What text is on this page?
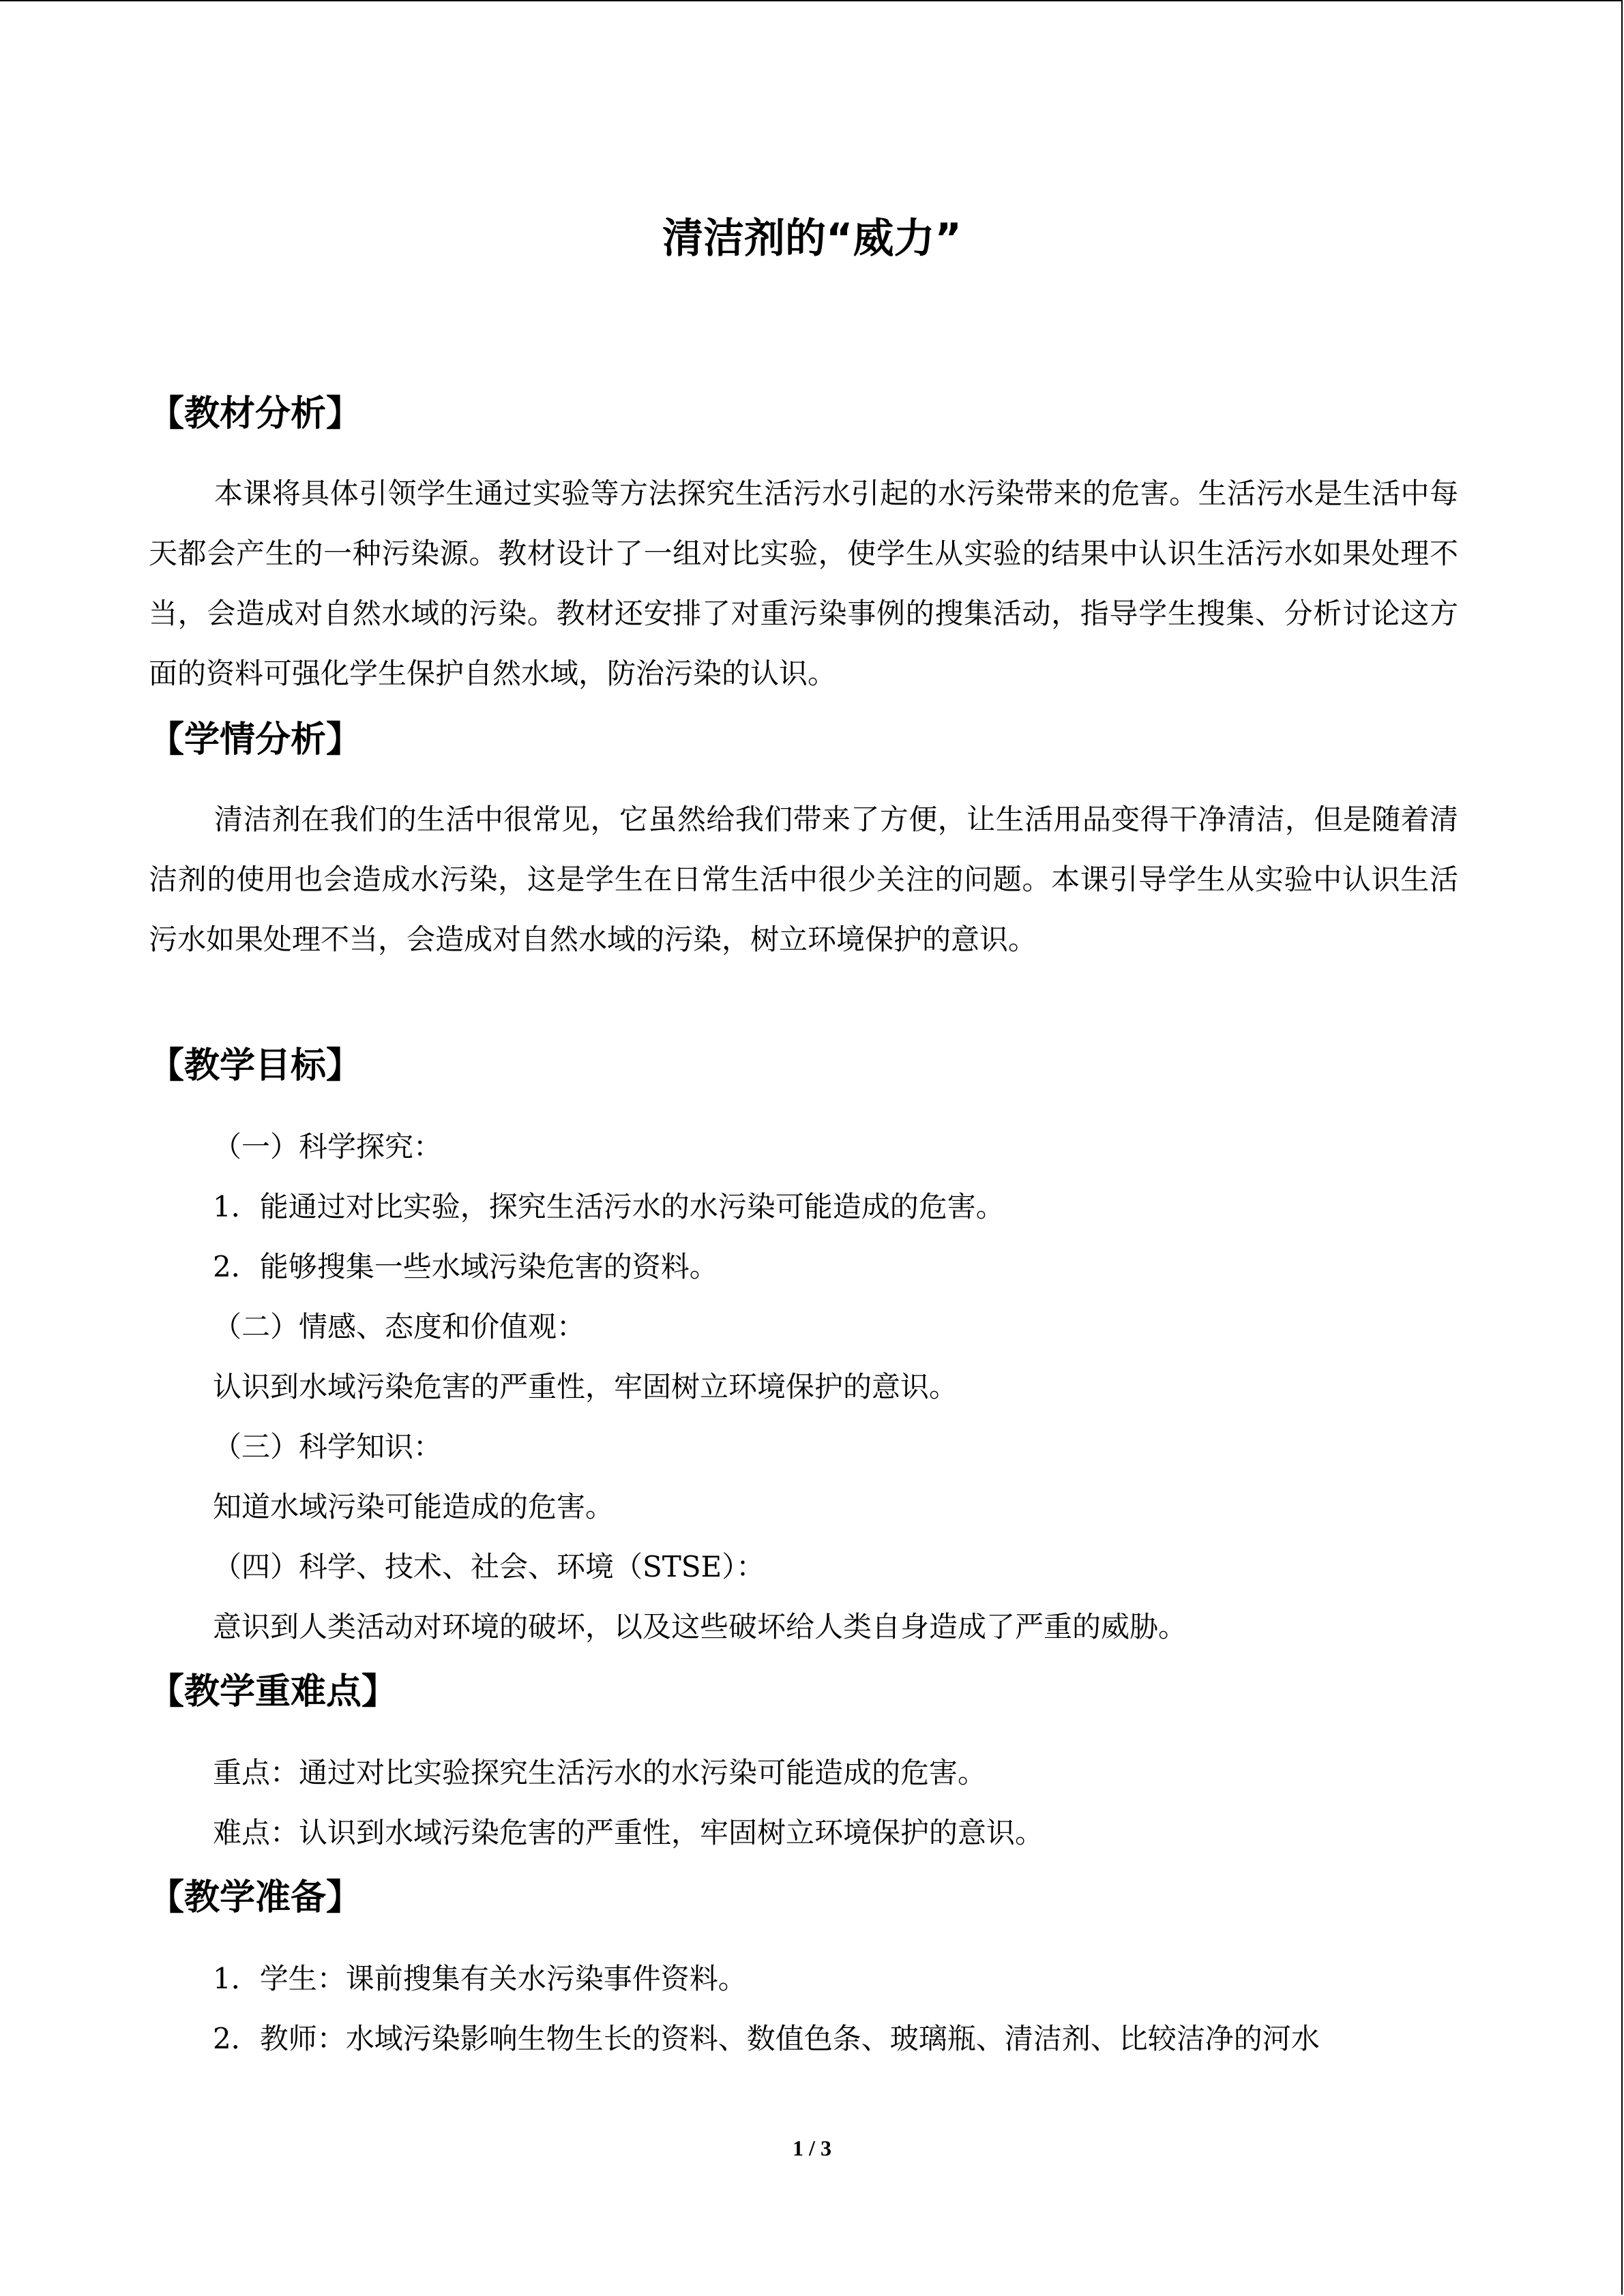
清洁剂的“威力”
【教材分析】
本课将具体引领学生通过实验等方法探究生活污水引起的水污染带来的危害。生活污水是生活中每天都会产生的一种污染源。教材设计了一组对比实验，使学生从实验的结果中认识生活污水如果处理不当，会造成对自然水域的污染。教材还安排了对重污染事例的搜集活动，指导学生搜集、分析讨论这方面的资料可强化学生保护自然水域，防治污染的认识。
【学情分析】
清洁剂在我们的生活中很常见，它虽然给我们带来了方便，让生活用品变得干净清洁，但是随着清洁剂的使用也会造成水污染，这是学生在日常生活中很少关注的问题。本课引导学生从实验中认识生活污水如果处理不当，会造成对自然水域的污染，树立环境保护的意识。
【教学目标】
（一）科学探究：
1．能通过对比实验，探究生活污水的水污染可能造成的危害。
2．能够搜集一些水域污染危害的资料。
（二）情感、态度和价值观：
认识到水域污染危害的严重性，牢固树立环境保护的意识。
（三）科学知识：
知道水域污染可能造成的危害。
（四）科学、技术、社会、环境（STSE）：
意识到人类活动对环境的破坏，以及这些破坏给人类自身造成了严重的威胁。
【教学重难点】
重点：通过对比实验探究生活污水的水污染可能造成的危害。
难点：认识到水域污染危害的严重性，牢固树立环境保护的意识。
【教学准备】
1．学生：课前搜集有关水污染事件资料。
2．教师：水域污染影响生物生长的资料、数值色条、玻璃瓶、清洁剂、比较洁净的河水
1 / 3
